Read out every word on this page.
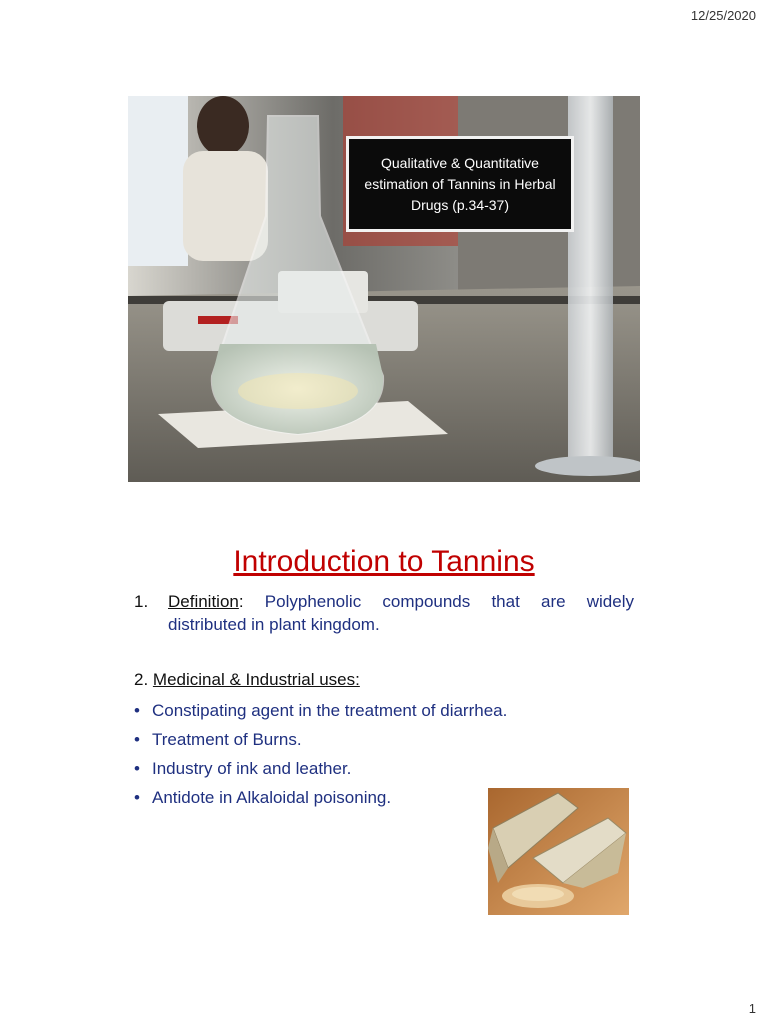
12/25/2020
Qualitative & Quantitative estimation of Tannins in Herbal Drugs (p.34-37)
Introduction to Tannins
1. Definition: Polyphenolic compounds that are widely distributed in plant kingdom.
2. Medicinal & Industrial uses:
• Constipating agent in the treatment of diarrhea.
• Treatment of Burns.
• Industry of ink and leather.
• Antidote in Alkaloidal poisoning.
1
